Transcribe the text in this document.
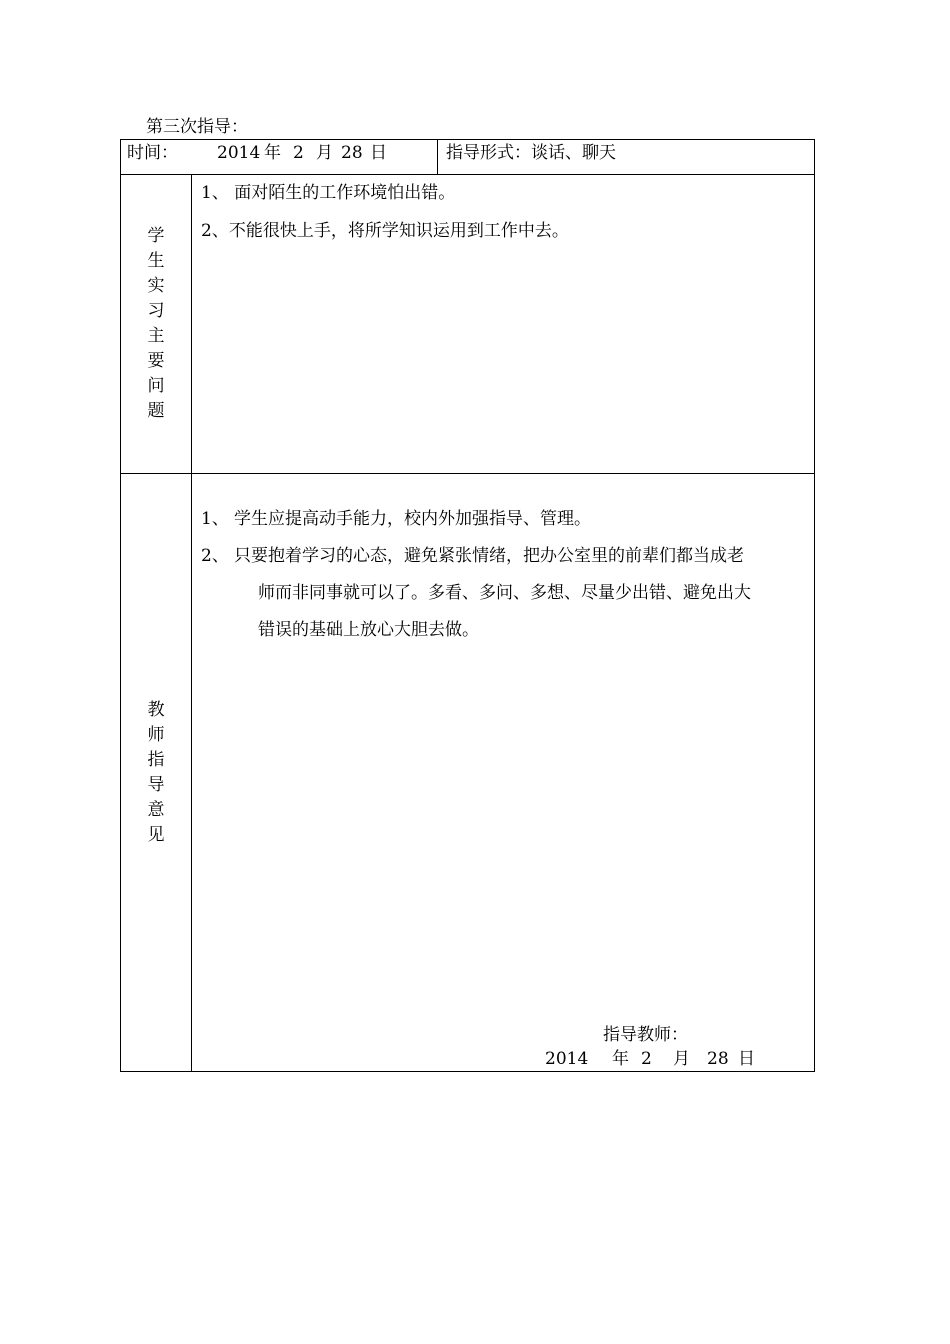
第三次指导：
时间： 2014 年 2 月 28 日	指导形式：谈话、聊天
学
生
实
习
主
要
问
题
1、 面对陌生的工作环境怕出错。
2、不能很快上手，将所学知识运用到工作中去。
教
师
指
导
意
见
1、 学生应提高动手能力，校内外加强指导、管理。
2、 只要抱着学习的心态，避免紧张情绪，把办公室里的前辈们都当成老
师而非同事就可以了。多看、多问、多想、尽量少出错、避免出大
错误的基础上放心大胆去做。
指导教师：
2014 年 2 月 28 日
